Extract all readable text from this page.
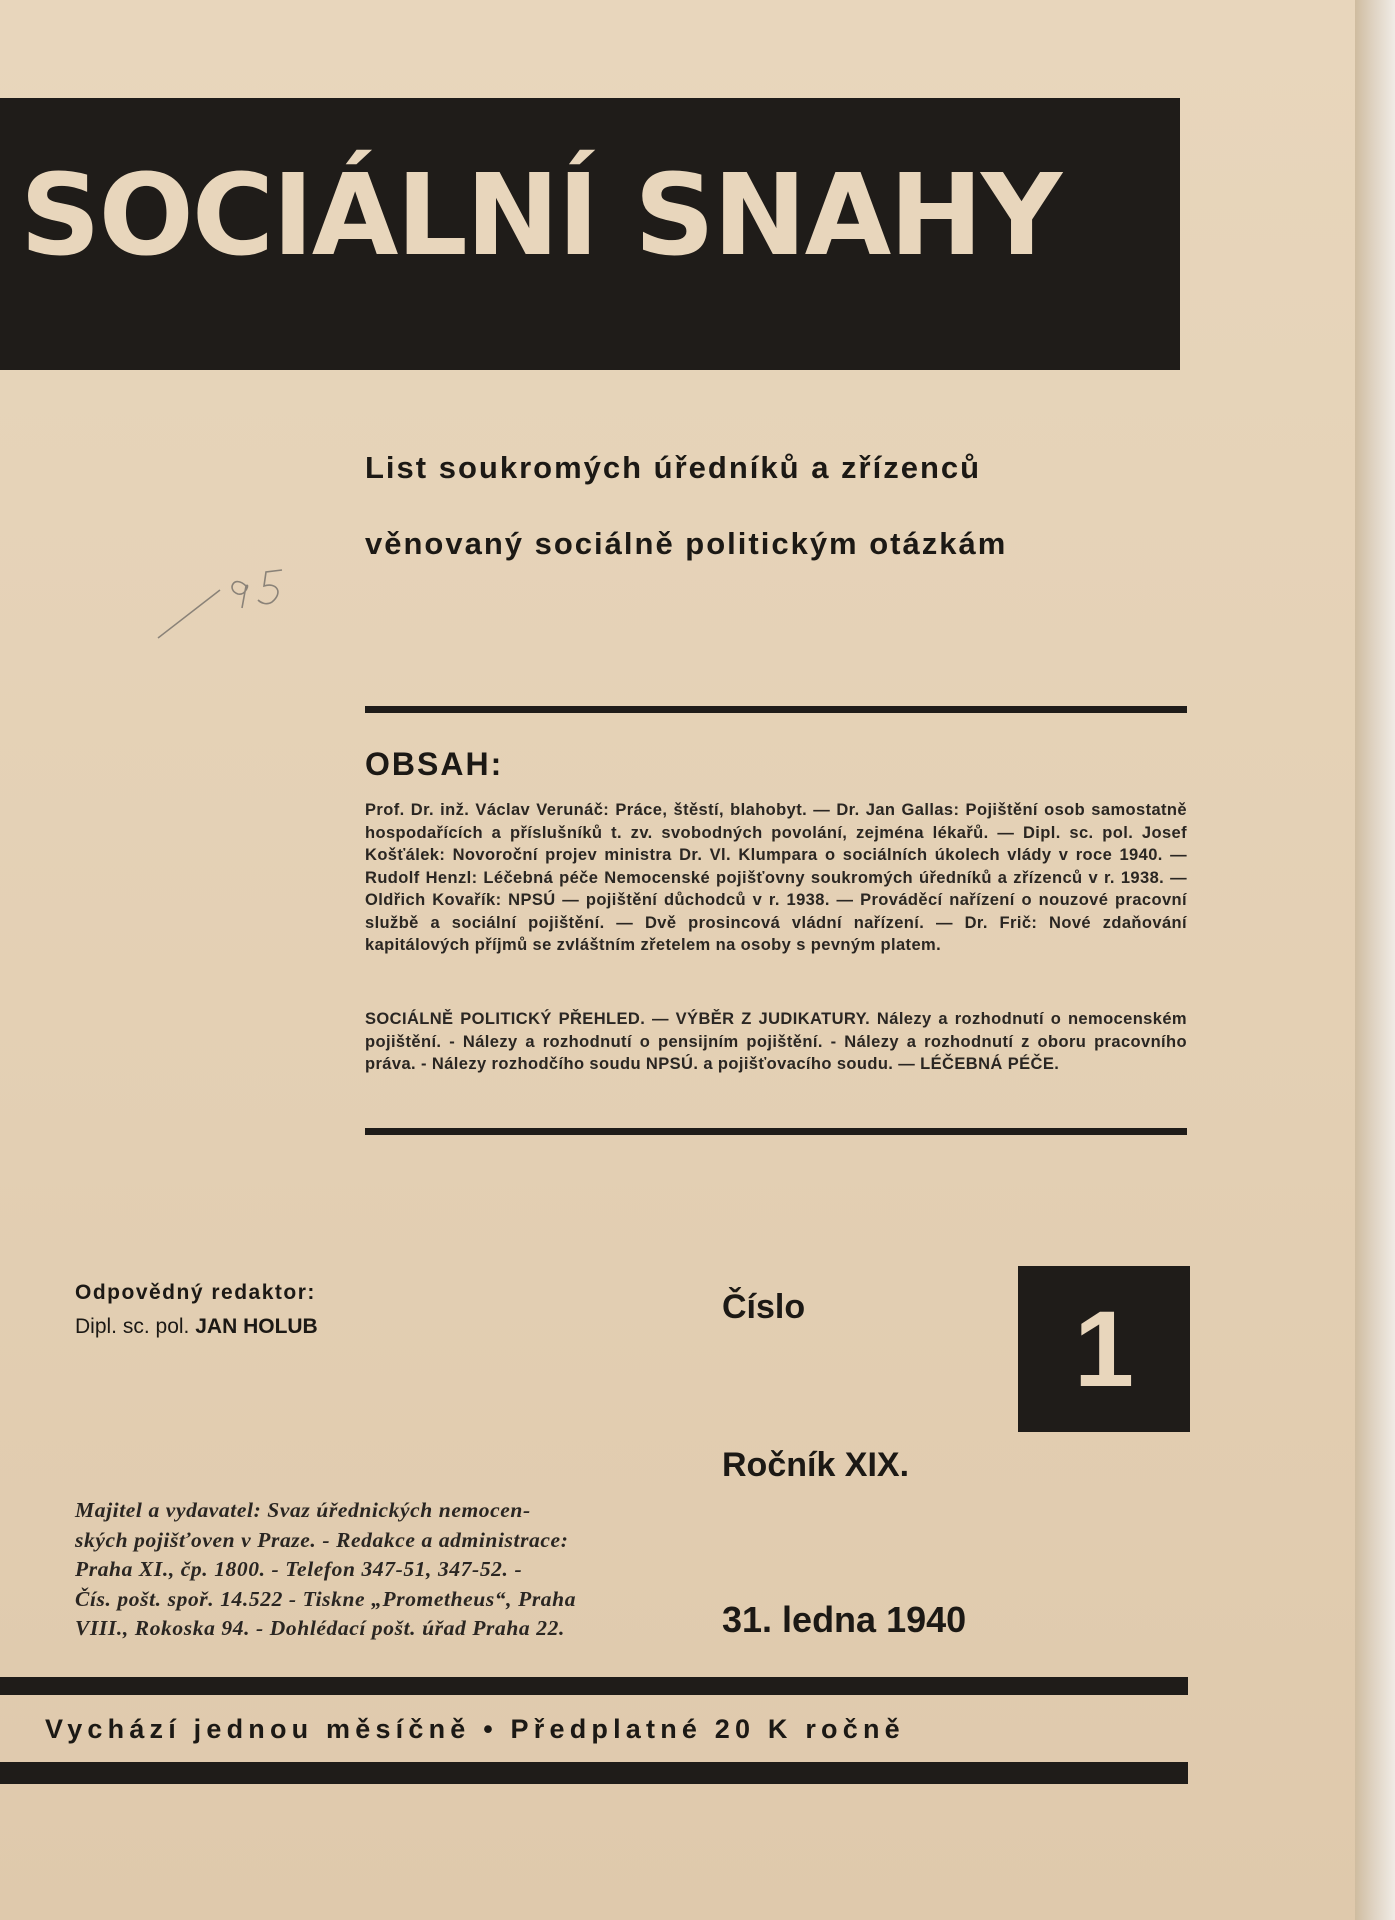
SOCIÁLNÍ SNAHY
List soukromých úředníků a zřízenců
věnovaný sociálně politickým otázkám
OBSAH:
Prof. Dr. inž. Václav Verunáč: Práce, štěstí, blahobyt. — Dr. Jan Gallas: Pojištění osob samostatně hospodařících a příslušníků t. zv. svobodných povolání, zejména lékařů. — Dipl. sc. pol. Josef Košťálek: Novoroční projev ministra Dr. Vl. Klumpara o sociálních úkolech vlády v roce 1940. — Rudolf Henzl: Léčebná péče Nemocenské pojišťovny soukromých úředníků a zřízenců v r. 1938. — Oldřich Kovařík: NPSÚ — pojištění důchodců v r. 1938. — Prováděcí nařízení o nouzové pracovní službě a sociální pojištění. — Dvě prosincová vládní nařízení. — Dr. Frič: Nové zdaňování kapitálových příjmů se zvláštním zřetelem na osoby s pevným platem.
SOCIÁLNĚ POLITICKÝ PŘEHLED. — VÝBĚR Z JUDIKATURY. Nálezy a rozhodnutí o nemocenském pojištění. - Nálezy a rozhodnutí o pensijním pojištění. - Nálezy a rozhodnutí z oboru pracovního práva. - Nálezy rozhodčího soudu NPSÚ. a pojišťovacího soudu. — LÉČEBNÁ PÉČE.
Odpovědný redaktor:
Dipl. sc. pol. JAN HOLUB
Číslo 1
Ročník XIX.
31. ledna 1940
Majitel a vydavatel: Svaz úřednických nemocen-
ských pojišťoven v Praze. - Redakce a administrace:
Praha XI., čp. 1800. - Telefon 347-51, 347-52. -
Čís. pošt. spoř. 14.522 - Tiskne „Prometheus“, Praha
VIII., Rokoska 94. - Dohlédací pošt. úřad Praha 22.
Vychází jednou měsíčně • Předplatné 20 K ročně
